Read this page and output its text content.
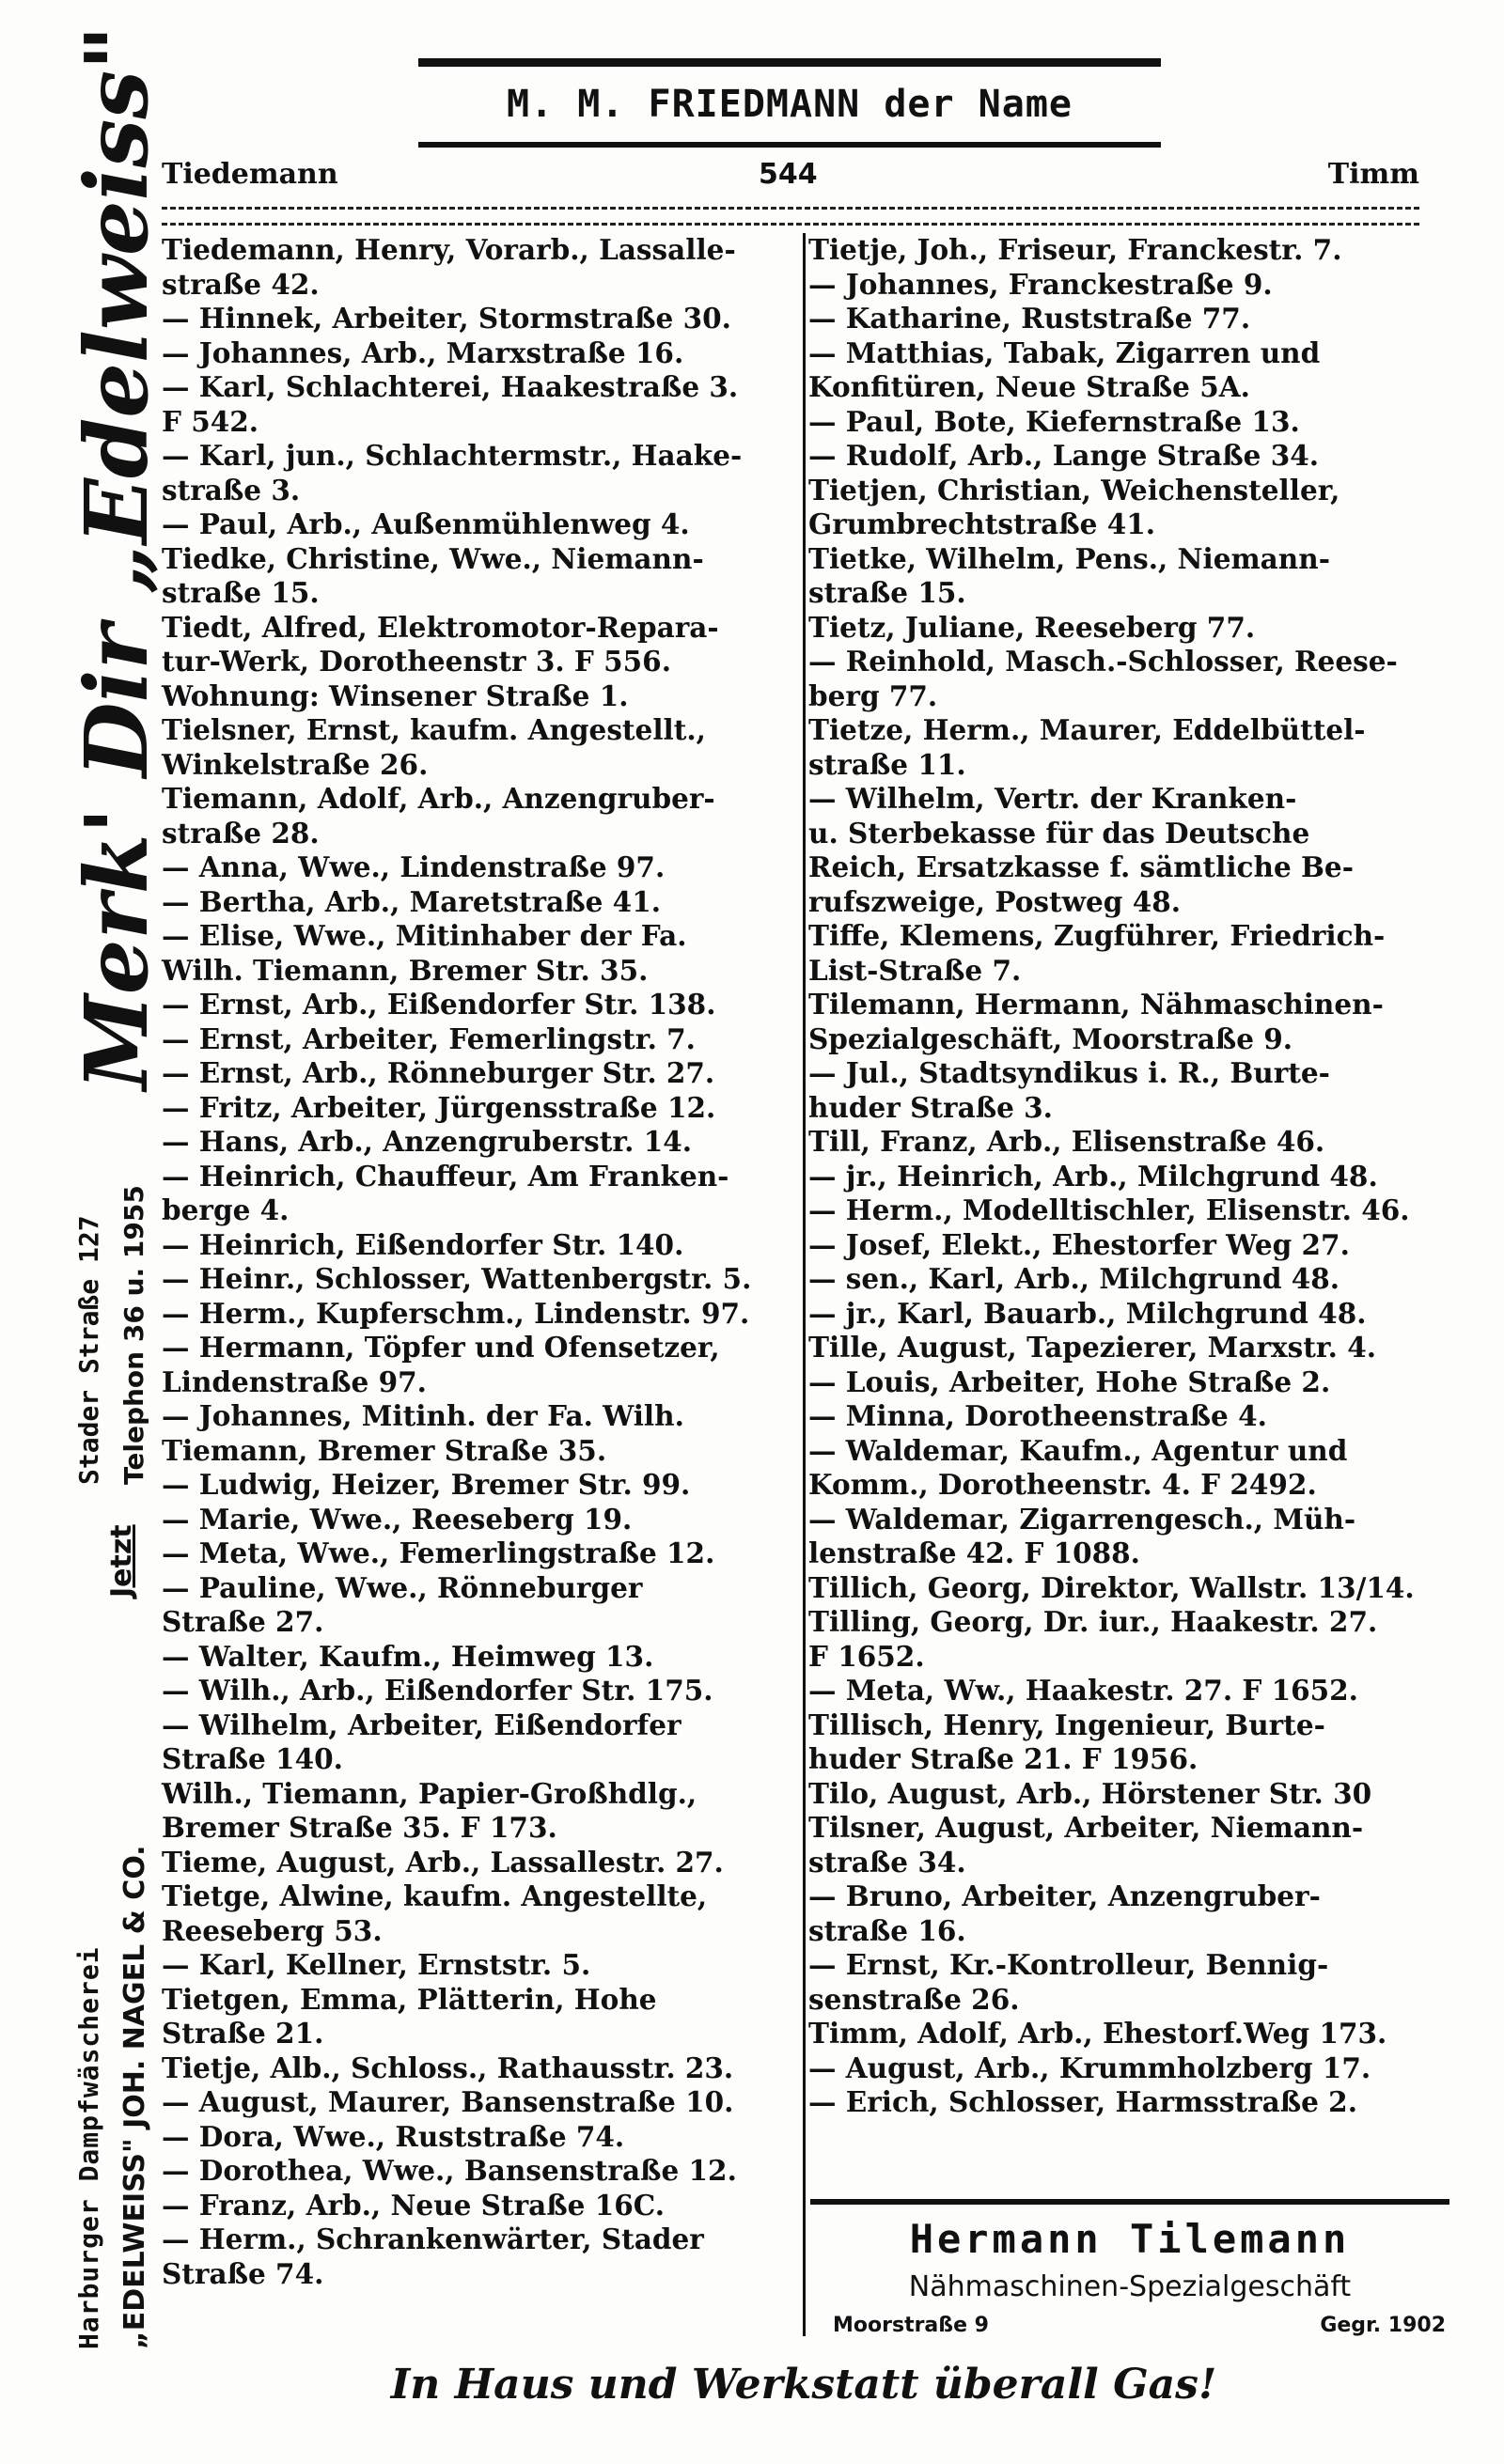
M. M. FRIEDMANN der Name
Tiedemann	544	Timm
Tiedemann, Henry, Vorarb., Lassalle-
straße 42.
— Hinnek, Arbeiter, Stormstraße 30.
— Johannes, Arb., Marxstraße 16.
— Karl, Schlachterei, Haakestraße 3.
F 542.
— Karl, jun., Schlachtermstr., Haake-
straße 3.
— Paul, Arb., Außenmühlenweg 4.
Tiedke, Christine, Wwe., Niemann-
straße 15.
Tiedt, Alfred, Elektromotor-Repara-
tur-Werk, Dorotheenstr 3. F 556.
Wohnung: Winsener Straße 1.
Tielsner, Ernst, kaufm. Angestellt.,
Winkelstraße 26.
Tiemann, Adolf, Arb., Anzengruber-
straße 28.
— Anna, Wwe., Lindenstraße 97.
— Bertha, Arb., Maretstraße 41.
— Elise, Wwe., Mitinhaber der Fa.
Wilh. Tiemann, Bremer Str. 35.
— Ernst, Arb., Eißendorfer Str. 138.
— Ernst, Arbeiter, Femerlingstr. 7.
— Ernst, Arb., Rönneburger Str. 27.
— Fritz, Arbeiter, Jürgensstraße 12.
— Hans, Arb., Anzengruberstr. 14.
— Heinrich, Chauffeur, Am Franken-
berge 4.
— Heinrich, Eißendorfer Str. 140.
— Heinr., Schlosser, Wattenbergstr. 5.
— Herm., Kupferschm., Lindenstr. 97.
— Hermann, Töpfer und Ofensetzer,
Lindenstraße 97.
— Johannes, Mitinh. der Fa. Wilh.
Tiemann, Bremer Straße 35.
— Ludwig, Heizer, Bremer Str. 99.
— Marie, Wwe., Reeseberg 19.
— Meta, Wwe., Femerlingstraße 12.
— Pauline, Wwe., Rönneburger
Straße 27.
— Walter, Kaufm., Heimweg 13.
— Wilh., Arb., Eißendorfer Str. 175.
— Wilhelm, Arbeiter, Eißendorfer
Straße 140.
Wilh., Tiemann, Papier-Großhdlg.,
Bremer Straße 35. F 173.
Tieme, August, Arb., Lassallestr. 27.
Tietge, Alwine, kaufm. Angestellte,
Reeseberg 53.
— Karl, Kellner, Ernststr. 5.
Tietgen, Emma, Plätterin, Hohe
Straße 21.
Tietje, Alb., Schloss., Rathausstr. 23.
— August, Maurer, Bansenstraße 10.
— Dora, Wwe., Ruststraße 74.
— Dorothea, Wwe., Bansenstraße 12.
— Franz, Arb., Neue Straße 16C.
— Herm., Schrankenwärter, Stader
Straße 74.
Tietje, Joh., Friseur, Franckestr. 7.
— Johannes, Franckestraße 9.
— Katharine, Ruststraße 77.
— Matthias, Tabak, Zigarren und
Konfitüren, Neue Straße 5A.
— Paul, Bote, Kiefernstraße 13.
— Rudolf, Arb., Lange Straße 34.
Tietjen, Christian, Weichensteller,
Grumbrechtstraße 41.
Tietke, Wilhelm, Pens., Niemann-
straße 15.
Tietz, Juliane, Reeseberg 77.
— Reinhold, Masch.-Schlosser, Reese-
berg 77.
Tietze, Herm., Maurer, Eddelbüttel-
straße 11.
— Wilhelm, Vertr. der Kranken-
u. Sterbekasse für das Deutsche
Reich, Ersatzkasse f. sämtliche Be-
rufszweige, Postweg 48.
Tiffe, Klemens, Zugführer, Friedrich-
List-Straße 7.
Tilemann, Hermann, Nähmaschinen-
Spezialgeschäft, Moorstraße 9.
— Jul., Stadtsyndikus i. R., Burte-
huder Straße 3.
Till, Franz, Arb., Elisenstraße 46.
— jr., Heinrich, Arb., Milchgrund 48.
— Herm., Modelltischler, Elisenstr. 46.
— Josef, Elekt., Ehestorfer Weg 27.
— sen., Karl, Arb., Milchgrund 48.
— jr., Karl, Bauarb., Milchgrund 48.
Tille, August, Tapezierer, Marxstr. 4.
— Louis, Arbeiter, Hohe Straße 2.
— Minna, Dorotheenstraße 4.
— Waldemar, Kaufm., Agentur und
Komm., Dorotheenstr. 4. F 2492.
— Waldemar, Zigarrengesch., Müh-
lenstraße 42. F 1088.
Tillich, Georg, Direktor, Wallstr. 13/14.
Tilling, Georg, Dr. iur., Haakestr. 27.
F 1652.
— Meta, Ww., Haakestr. 27. F 1652.
Tillisch, Henry, Ingenieur, Burte-
huder Straße 21. F 1956.
Tilo, August, Arb., Hörstener Str. 30
Tilsner, August, Arbeiter, Niemann-
straße 34.
— Bruno, Arbeiter, Anzengruber-
straße 16.
— Ernst, Kr.-Kontrolleur, Bennig-
senstraße 26.
Timm, Adolf, Arb., Ehestorf.Weg 173.
— August, Arb., Krummholzberg 17.
— Erich, Schlosser, Harmsstraße 2.
Hermann Tilemann
Nähmaschinen-Spezialgeschäft
Moorstraße 9	Gegr. 1902
In Haus und Werkstatt überall Gas!
Harburger Dampfwäscherei „EDELWEISS" JOH. NAGEL & CO.
Merk' Dir „Edelweiss"
Stader Straße 127 Telephon 36 u. 1955
Jetzt
